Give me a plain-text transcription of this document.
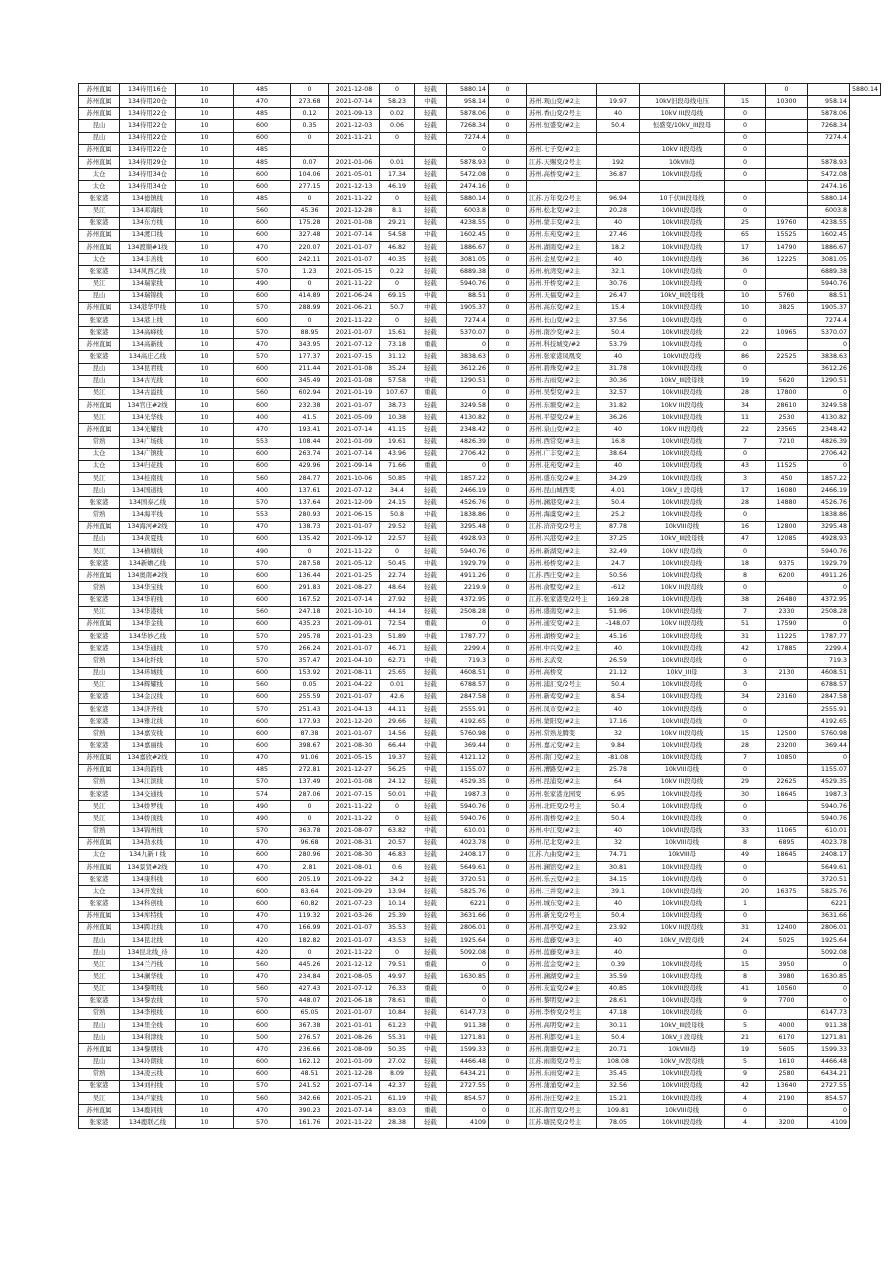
苏州直属	134待用16仓	10	485	0	2021-12-08	0	轻载	5880.14	0					0		5880.14
苏州直属	134待用20仓	10	470	273.68	2021-07-14	58.23	中载	958.14	0	苏州.观山变/#2主	19.97	10kV旧段母线电压	15	10300	958.14	
苏州直属	134待用22仓	10	485	0.12	2021-09-13	0.02	轻载	5878.06	0	苏州.香山变/2号主	40	10kV III段母线	0		5878.06	
昆山	134待用22仓	10	600	0.35	2021-12-03	0.06	轻载	7268.34	0	苏州.恒盛变/#2主	50.4	恒盛变/10kV_III段母	0		7268.34	
昆山	134待用22仓	10	600	0	2021-11-21	0	轻载	7274.4	0				0		7274.4	
苏州直属	134待用22仓	10	485					0		苏州.七子变/#2主		10kV II段母线	0			
苏州直属	134待用29仓	10	485	0.07	2021-01-06	0.01	轻载	5878.93	0	江苏.天赐变/2号主	192	10kVII母	0		5878.93	
太仓	134待用34仓	10	600	104.06	2021-05-01	17.34	轻载	5472.08	0	苏州.高桥变/#2主	36.87	10kVIII段母线	0		5472.08	
太仓	134待用34仓	10	600	277.15	2021-12-13	46.19	轻载	2474.16	0						2474.16	
张家港	134德镇线	10	485	0	2021-11-22	0	轻载	5880.14	0	江苏.万年变/2号主	96.94	10千伏III段母线	0		5880.14	
吴江	134邓海线	10	560	45.36	2021-12-28	8.1	轻载	6003.8	0	苏州.松北变/#2主	20.28	10kVIII段母线	0		6003.8	
张家港	134东方线	10	600	175.28	2021-01-08	29.21	轻载	4238.55	0	苏州.蒙丰变/#2主	40	10kVIII段母线	25	19760	4238.55	
苏州直属	134渡口线	10	600	327.48	2021-07-14	54.58	中载	1602.45	0	苏州.东苑变/#2主	27.46	10kVIII段母线	65	15525	1602.45	
苏州直属	134渡顺#1线	10	470	220.07	2021-01-07	46.82	轻载	1886.67	0	苏州.湖南变/#2主	18.2	10kVIII段母线	17	14790	1886.67	
太仓	134丰善线	10	600	242.11	2021-01-07	40.35	轻载	3081.05	0	苏州.金星变/#2主	40	10kVIII段母线	36	12225	3081.05	
张家港	134风西乙线	10	570	1.23	2021-05-15	0.22	轻载	6889.38	0	苏州.杭湾变/#2主	32.1	10kVIII段母线	0		6889.38	
吴江	134瑞家线	10	490	0	2021-11-22	0	轻载	5940.76	0	苏州.开桥变/#2主	30.76	10kVIII段母线	0		5940.76	
昆山	134瑞锦线	10	600	414.89	2021-06-24	69.15	中载	88.51	0	苏州.天福变/#2主	26.47	10kV_III段母线	10	5760	88.51	
苏州直属	134港华甲线	10	570	288.99	2021-06-21	50.7	中载	1905.37	0	苏州.高东变/#2主	15.4	10kVIII段母线	10	3825	1905.37	
张家港	134港上线	10	600	0	2021-11-22	0	轻载	7274.4	0	苏州.长山变/#2主	37.56	10kVIII段母线	0		7274.4	
张家港	134高峰线	10	570	88.95	2021-01-07	15.61	轻载	5370.07	0	苏州.南沙变/#2主	50.4	10kVIII段母线	22	10965	5370.07	
苏州直属	134高新线	10	470	343.95	2021-07-12	73.18	重载	0	0	苏州.科技城变/#2	53.79	10kVIII段母线	0		0	
张家港	134高庄乙线	10	570	177.37	2021-07-15	31.12	轻载	3838.63	0	苏州.张家港凤凰变	40	10kVII段母线	86	22525	3838.63	
昆山	134昆君线	10	600	211.44	2021-01-08	35.24	轻载	3612.26	0	苏州.碧珠变/#2主	31.78	10kVIII段母线	0		3612.26	
昆山	134古光线	10	600	345.49	2021-01-08	57.58	中载	1290.51	0	苏州.古雨变/#2主	30.36	10kV_III段母线	19	5620	1290.51	
吴江	134古溢线	10	560	602.94	2021-01-19	107.67	重载	0	0	苏州.吴梨变/#2主	32.57	10kVIII段母线	28	17800	0	
苏州直属	134官庄#2线	10	600	232.38	2021-01-07	38.73	轻载	3249.58	0	苏州.东塘变/#2主	31.82	10kV III段母线	34	28610	3249.58	
吴江	134光华线	10	400	41.5	2021-05-09	10.38	轻载	4130.82	0	苏州.平望变/2#主	36.26	10kVIII段母线	11	2530	4130.82	
苏州直属	134光耀线	10	470	193.41	2021-07-14	41.15	轻载	2348.42	0	苏州.泉山变/#2主	40	10kV III段母线	22	23565	2348.42	
常熟	134广场线	10	553	108.44	2021-01-09	19.61	轻载	4826.39	0	苏州.西常变/#3主	16.8	10kVIII段母线	7	7210	4826.39	
太仓	134广镇线	10	600	263.74	2021-07-14	43.96	轻载	2706.42	0	苏州.广丰变/#2主	38.64	10kVIII段母线	0		2706.42	
太仓	134归花线	10	600	429.96	2021-09-14	71.66	重载	0	0	苏州.花苑变/#2主	40	10kVIII段母线	43	11525	0	
吴江	134桂南线	10	560	284.77	2021-10-06	50.85	中载	1857.22	0	苏州.盛东变/2#主	34.29	10kVIII段母线	3	450	1857.22	
昆山	134国道线	10	400	137.61	2021-07-12	34.4	轻载	2466.19	0	苏州.昆山城西变	4.01	10kV_I 段母线	17	16080	2466.19	
张家港	134国泰乙线	10	570	137.64	2021-12-09	24.15	轻载	4526.76	0	苏州.澜港变/#2主	50.4	10kVIII段母线	28	14880	4526.76	
常熟	134海平线	10	553	280.93	2021-06-15	50.8	中载	1838.86	0	苏州.海虞变/#2主	25.2	10kVIII段母线	0		1838.86	
苏州直属	134海河#2线	10	470	138.73	2021-01-07	29.52	轻载	3295.48	0	江苏.浒浒变/2号主	87.78	10kVIII母线	16	12800	3295.48	
昆山	134黄夏线	10	600	135.42	2021-09-12	22.57	轻载	4928.93	0	苏州.兴港变/#2主	37.25	10kV_III段母线	47	12085	4928.93	
吴江	134横塘线	10	490	0	2021-11-22	0	轻载	5940.76	0	苏州.新湖变/#2主	32.49	10kV II段母线	0		5940.76	
张家港	134新蟾乙线	10	570	287.58	2021-05-12	50.45	中载	1929.79	0	苏州.杨桥变/#2主	24.7	10kVIII段母线	18	9375	1929.79	
苏州直属	134奥南#2线	10	600	136.44	2021-01-25	22.74	轻载	4911.26	0	江苏.西庄变/#2主	50.56	10kVIII段母线	8	6200	4911.26	
常熟	134华宝线	10	600	291.83	2021-08-27	48.64	轻载	2219.9	0	苏州.俞墅变/#2主	-612	10kV III段母线	0		0	
张家港	134华府线	10	600	167.52	2021-07-14	27.92	轻载	4372.95	0	江苏.张家港变/2号主	169.28	10kVIII段母线	38	26480	4372.95	
吴江	134华港线	10	560	247.18	2021-10-10	44.14	轻载	2508.28	0	苏州.盛南变/#2主	51.96	10kVIII段母线	7	2330	2508.28	
苏州直属	134华金线	10	600	435.23	2021-09-01	72.54	重载	0	0	苏州.通安变/#2主	-148.07	10kV III段母线	51	17590	0	
张家港	134华妙乙线	10	570	295.78	2021-01-23	51.89	中载	1787.77	0	苏州.湖桥变/#2主	45.16	10kVIII段母线	31	11225	1787.77	
张家港	134华通线	10	570	266.24	2021-01-07	46.71	轻载	2299.4	0	苏州.中兴变/#2主	40	10kVIII段母线	42	17885	2299.4	
常熟	134化纤线	10	570	357.47	2021-04-10	62.71	中载	719.3	0	苏州.玄武变	26.59	10kVIII段母线	0		719.3	
昆山	134环城线	10	600	153.92	2021-08-11	25.65	轻载	4608.51	0	苏州.高桥变	21.12	10kV_III母	3	2130	4608.51	
吴江	134辉耀线	10	560	0.05	2021-04-22	0.01	轻载	6788.57	0	苏州.浦汇变/2号主	50.4	10kVIII段母线	0		6788.57	
张家港	134金汉线	10	600	255.59	2021-01-07	42.6	轻载	2847.58	0	苏州.新莺变/#2主	8.54	10kVIII段母线	34	23160	2847.58	
张家港	134济齐线	10	570	251.43	2021-04-13	44.11	轻载	2555.91	0	苏州.凤市变/#2主	40	10kVIII段母线	0		2555.91	
张家港	134雅北线	10	600	177.93	2021-12-20	29.66	轻载	4192.65	0	苏州.蒙阳变/#2主	17.16	10kVIII段母线	0		4192.65	
常熟	134嘉安线	10	600	87.38	2021-01-07	14.56	轻载	5760.98	0	苏州.常熟龙腾变	32	10kV III段母线	15	12500	5760.98	
张家港	134嘉丽线	10	600	398.67	2021-08-30	66.44	中载	369.44	0	苏州.嘉元变/#2主	9.84	10kVIII段母线	28	23200	369.44	
苏州直属	134嘉欣#2线	10	470	91.06	2021-05-15	19.37	轻载	4121.12	0	苏州.南门变/#2主	-81.08	10kVIII段母线	7	10850	0	
苏州直属	134茵韵线	10	485	272.81	2021-12-27	56.25	中载	1155.07	0	苏州.漕路变/#2主	25.78	10kVIII母线	0		1155.07	
常熟	134江滨线	10	570	137.49	2021-01-08	24.12	轻载	4529.35	0	苏州.昆浦变/#2主	64	10kV III段母线	29	22625	4529.35	
张家港	134交通线	10	574	287.06	2021-07-15	50.01	中载	1987.3	0	苏州.张家港龙园变	6.95	10kVIII段母线	30	18645	1987.3	
吴江	134娇罗线	10	490	0	2021-11-22	0	轻载	5940.76	0	苏州.北旺变/2号主	50.4	10kVIII段母线	0		5940.76	
吴江	134娇顶线	10	490	0	2021-11-22	0	轻载	5940.76	0	苏州.南桥变/#2主	50.4	10kVIII段母线	0		5940.76	
常熟	134锦州线	10	570	363.78	2021-08-07	63.82	中载	610.01	0	苏州.中江变/#2主	40	10kVIII段母线	33	11065	610.01	
苏州直属	134劲永线	10	470	96.68	2021-08-31	20.57	轻载	4023.78	0	苏州.尼北变/#2主	32	10kVIII母线	8	6895	4023.78	
太仓	134九新 I 线	10	600	280.96	2021-08-30	46.83	轻载	2408.17	0	江苏.九曲变/#2主	74.71	10kVIII母	49	18645	2408.17	
苏州直属	134景贤#2线	10	470	2.81	2021-08-01	0.6	轻载	5649.61	0	苏州.澜馆变/#2主	30.81	10kVIII段母线	0		5649.61	
张家港	134康科线	10	600	205.19	2021-09-22	34.2	轻载	3720.51	0	苏州.乐云变/#2主	34.15	10kVIII段母线	0		3720.51	
太仓	134开发线	10	600	83.64	2021-09-29	13.94	轻载	5825.76	0	苏州.三井变/#2主	39.1	10kVIII段母线	20	16375	5825.76	
张家港	134科创线	10	600	60.82	2021-07-23	10.14	轻载	6221	0	苏州.城东变/#2主	40	10kVIII段母线	1		6221	
苏州直属	134库特线	10	470	119.32	2021-03-26	25.39	轻载	3631.66	0	苏州.新光变/2号主	50.4	10kVIII段母线	0		3631.66	
苏州直属	134跨北线	10	470	166.99	2021-01-07	35.53	轻载	2806.01	0	苏州.昌亭变/#2主	23.92	10kV III段母线	31	12400	2806.01	
昆山	134昆北线	10	420	182.82	2021-01-07	43.53	轻载	1925.64	0	苏州.蓝藤变/#3主	40	10kV_IV段母线	24	5025	1925.64	
昆山	134昆北线_待	10	420	0	2021-11-22	0	轻载	5092.08	0	苏州.蓝藤变/#3主	40		0		5092.08	
吴江	134兰丹线	10	560	445.26	2021-12-12	79.51	重载	0	0	苏州.蓝金变/#2主	0.39	10kVIII段母线	15	3950	0	
吴江	134澜华线	10	470	234.84	2021-08-05	49.97	轻载	1630.85	0	苏州.澜湖变/#2主	35.59	10kVIII段母线	8	3980	1630.85	
吴江	134黎明线	10	560	427.43	2021-07-12	76.33	重载	0	0	苏州.友谊变/2#主	40.85	10kVIII段母线	41	10560	0	
张家港	134黎农线	10	570	448.07	2021-06-18	78.61	重载	0	0	苏州.黎明变/#2主	28.61	10kVIII段母线	9	7700	0	
常熟	134李根线	10	600	65.05	2021-01-07	10.84	轻载	6147.73	0	苏州.李桥变/2号主	47.18	10kVIII段母线	0		6147.73	
昆山	134里全线	10	600	367.38	2021-01-01	61.23	中载	911.38	0	苏州.高明变/#2主	30.11	10kV_III段母线	5	4000	911.38	
昆山	134利津线	10	500	276.57	2021-08-26	55.31	中载	1271.81	0	苏州.利都变/#1主	50.4	10kV_I 段母线	21	6170	1271.81	
苏州直属	134黎朋线	10	470	236.66	2021-08-09	50.35	中载	1599.33	0	苏州.南塘变/#2主	20.71	10kVIII母	19	5605	1599.33	
昆山	134玲朗线	10	600	162.12	2021-01-09	27.02	轻载	4466.48	0	江苏.雨南变/2号主	108.08	10kV_IV段母线	5	1610	4466.48	
常熟	134凌云线	10	600	48.51	2021-12-28	8.09	轻载	6434.21	0	苏州.东雨变/#2主	35.45	10kVIII段母线	9	2580	6434.21	
张家港	134刘村线	10	570	241.52	2021-07-14	42.37	轻载	2727.55	0	苏州.蒲涌变/#2主	32.56	10kVIII段母线	42	13640	2727.55	
吴江	134卢家线	10	560	342.66	2021-05-21	61.19	中载	854.57	0	苏州.汾庄变/#2主	15.21	10kVIII段母线	4	2190	854.57	
苏州直属	134鹿同线	10	470	390.23	2021-07-14	83.03	重载	0	0	江苏.南宫变/2号主	109.81	10kVIII母线	0		0	
张家港	134鹿联乙线	10	570	161.76	2021-11-22	28.38	轻载	4109	0	江苏.塘民变/2号主	78.05	10kVIII段母线	4	3200	4109	
